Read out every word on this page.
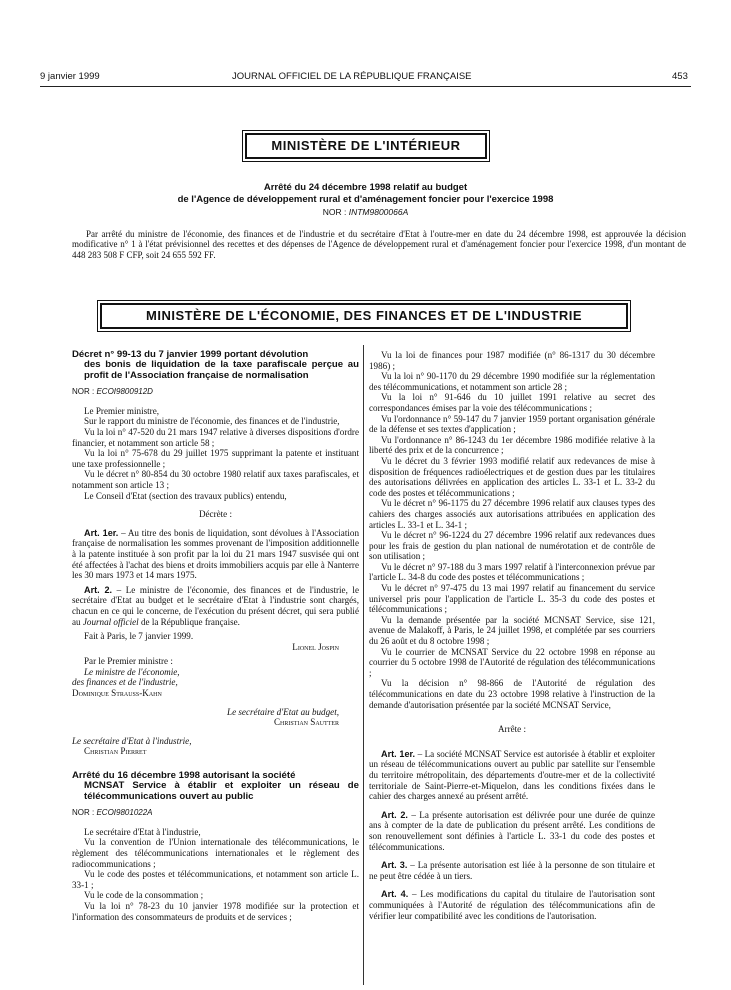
9 janvier 1999	JOURNAL OFFICIEL DE LA RÉPUBLIQUE FRANÇAISE	453
MINISTÈRE DE L'INTÉRIEUR
Arrêté du 24 décembre 1998 relatif au budget
de l'Agence de développement rural et d'aménagement foncier pour l'exercice 1998
NOR : INTM9800066A

Par arrêté du ministre de l'économie, des finances et de l'industrie et du secrétaire d'Etat à l'outre-mer en date du 24 décembre 1998, est approuvée la décision modificative n° 1 à l'état prévisionnel des recettes et des dépenses de l'Agence de développement rural et d'aménagement foncier pour l'exercice 1998, d'un montant de 448 283 508 F CFP, soit 24 655 592 FF.

MINISTÈRE DE L'ÉCONOMIE, DES FINANCES ET DE L'INDUSTRIE

Décret n° 99-13 du 7 janvier 1999 portant dévolution
des bonis de liquidation de la taxe parafiscale perçue au profit de l'Association française de normalisation

NOR : ECOI9800912D

Le Premier ministre,

Sur le rapport du ministre de l'économie, des finances et de l'industrie,

Vu la loi n° 47-520 du 21 mars 1947 relative à diverses dispositions d'ordre financier, et notamment son article 58 ;

Vu la loi n° 75-678 du 29 juillet 1975 supprimant la patente et instituant une taxe professionnelle ;

Vu le décret n° 80-854 du 30 octobre 1980 relatif aux taxes parafiscales, et notamment son article 13 ;

Le Conseil d'Etat (section des travaux publics) entendu,

Décrète :

Art. 1er. – Au titre des bonis de liquidation, sont dévolues à l'Association française de normalisation les sommes provenant de l'imposition additionnelle à la patente instituée à son profit par la loi du 21 mars 1947 susvisée qui ont été affectées à l'achat des biens et droits immobiliers acquis par elle à Nanterre les 30 mars 1973 et 14 mars 1975.

Art. 2. – Le ministre de l'économie, des finances et de l'industrie, le secrétaire d'Etat au budget et le secrétaire d'Etat à l'industrie sont chargés, chacun en ce qui le concerne, de l'exécution du présent décret, qui sera publié au Journal officiel de la République française.

Fait à Paris, le 7 janvier 1999.

Lionel Jospin

Par le Premier ministre :

Le ministre de l'économie,

des finances et de l'industrie,

Dominique Strauss-Kahn

Le secrétaire d'Etat au budget,

Christian Sautter

Le secrétaire d'Etat à l'industrie,

Christian Pierret

Arrêté du 16 décembre 1998 autorisant la société
MCNSAT Service à établir et exploiter un réseau de télécommunications ouvert au public

NOR : ECOI9801022A

Le secrétaire d'Etat à l'industrie,

Vu la convention de l'Union internationale des télécommunications, le règlement des télécommunications internationales et le règlement des radiocommunications ;

Vu le code des postes et télécommunications, et notamment son article L. 33-1 ;

Vu le code de la consommation ;

Vu la loi n° 78-23 du 10 janvier 1978 modifiée sur la protection et l'information des consommateurs de produits et de services ;

Vu la loi de finances pour 1987 modifiée (n° 86-1317 du 30 décembre 1986) ;

Vu la loi n° 90-1170 du 29 décembre 1990 modifiée sur la réglementation des télécommunications, et notamment son article 28 ;

Vu la loi n° 91-646 du 10 juillet 1991 relative au secret des correspondances émises par la voie des télécommunications ;

Vu l'ordonnance n° 59-147 du 7 janvier 1959 portant organisation générale de la défense et ses textes d'application ;

Vu l'ordonnance n° 86-1243 du 1er décembre 1986 modifiée relative à la liberté des prix et de la concurrence ;

Vu le décret du 3 février 1993 modifié relatif aux redevances de mise à disposition de fréquences radioélectriques et de gestion dues par les titulaires des autorisations délivrées en application des articles L. 33-1 et L. 33-2 du code des postes et télécommunications ;

Vu le décret n° 96-1175 du 27 décembre 1996 relatif aux clauses types des cahiers des charges associés aux autorisations attribuées en application des articles L. 33-1 et L. 34-1 ;

Vu le décret n° 96-1224 du 27 décembre 1996 relatif aux redevances dues pour les frais de gestion du plan national de numérotation et de contrôle de son utilisation ;

Vu le décret n° 97-188 du 3 mars 1997 relatif à l'interconnexion prévue par l'article L. 34-8 du code des postes et télécommunications ;

Vu le décret n° 97-475 du 13 mai 1997 relatif au financement du service universel pris pour l'application de l'article L. 35-3 du code des postes et télécommunications ;

Vu la demande présentée par la société MCNSAT Service, sise 121, avenue de Malakoff, à Paris, le 24 juillet 1998, et complétée par ses courriers du 26 août et du 8 octobre 1998 ;

Vu le courrier de MCNSAT Service du 22 octobre 1998 en réponse au courrier du 5 octobre 1998 de l'Autorité de régulation des télécommunications ;

Vu la décision n° 98-866 de l'Autorité de régulation des télécommunications en date du 23 octobre 1998 relative à l'instruction de la demande d'autorisation présentée par la société MCNSAT Service,

Arrête :

Art. 1er. – La société MCNSAT Service est autorisée à établir et exploiter un réseau de télécommunications ouvert au public par satellite sur l'ensemble du territoire métropolitain, des départements d'outre-mer et de la collectivité territoriale de Saint-Pierre-et-Miquelon, dans les conditions fixées dans le cahier des charges annexé au présent arrêté.

Art. 2. – La présente autorisation est délivrée pour une durée de quinze ans à compter de la date de publication du présent arrêté. Les conditions de son renouvellement sont définies à l'article L. 33-1 du code des postes et télécommunications.

Art. 3. – La présente autorisation est liée à la personne de son titulaire et ne peut être cédée à un tiers.

Art. 4. – Les modifications du capital du titulaire de l'autorisation sont communiquées à l'Autorité de régulation des télécommunications afin de vérifier leur compatibilité avec les conditions de l'autorisation.
